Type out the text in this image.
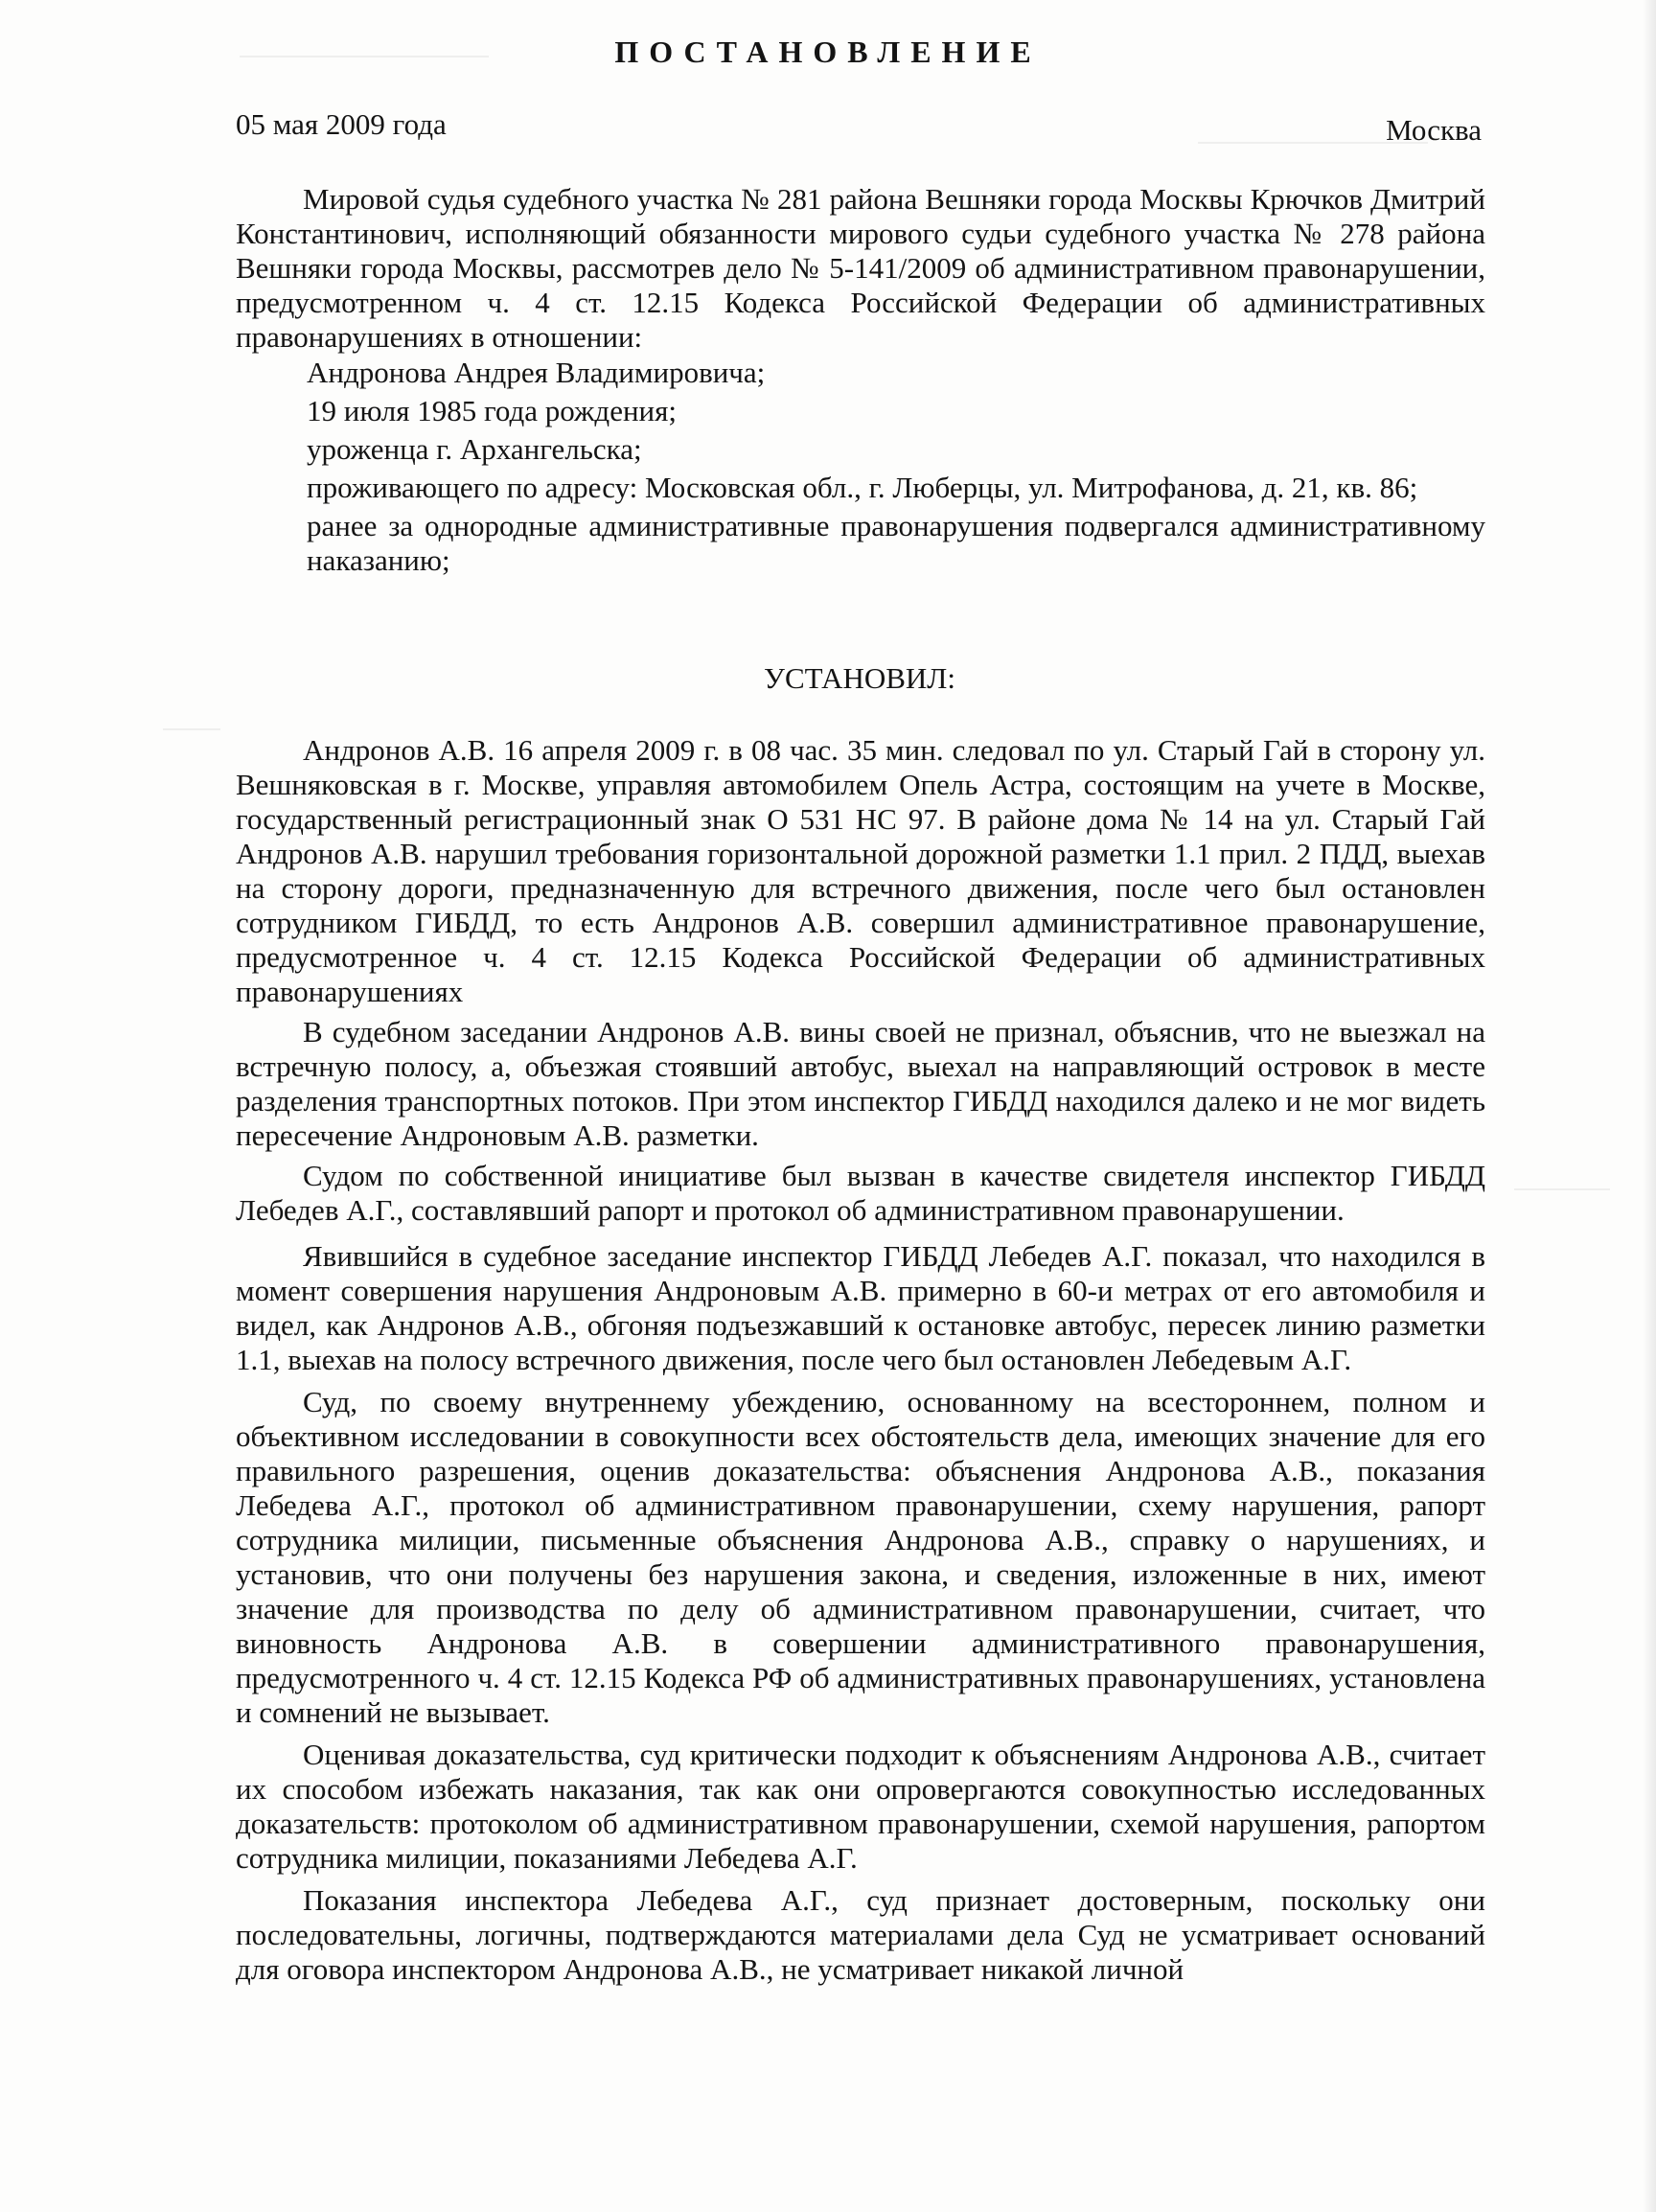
ПОСТАНОВЛЕНИЕ
05 мая 2009 года	Москва
Мировой судья судебного участка № 281 района Вешняки города Москвы Крючков Дмитрий Константинович, исполняющий обязанности мирового судьи судебного участка № 278 района Вешняки города Москвы, рассмотрев дело № 5-141/2009 об административном правонарушении, предусмотренном ч. 4 ст. 12.15 Кодекса Российской Федерации об административных правонарушениях в отношении:
Андронова Андрея Владимировича;
19 июля 1985 года рождения;
уроженца г. Архангельска;
проживающего по адресу: Московская обл., г. Люберцы, ул. Митрофанова, д. 21, кв. 86;
ранее за однородные административные правонарушения подвергался административному наказанию;
УСТАНОВИЛ:
Андронов А.В. 16 апреля 2009 г. в 08 час. 35 мин. следовал по ул. Старый Гай в сторону ул. Вешняковская в г. Москве, управляя автомобилем Опель Астра, состоящим на учете в Москве, государственный регистрационный знак О 531 НС 97. В районе дома № 14 на ул. Старый Гай Андронов А.В. нарушил требования горизонтальной дорожной разметки 1.1 прил. 2 ПДД, выехав на сторону дороги, предназначенную для встречного движения, после чего был остановлен сотрудником ГИБДД, то есть Андронов А.В. совершил административное правонарушение, предусмотренное ч. 4 ст. 12.15 Кодекса Российской Федерации об административных правонарушениях
В судебном заседании Андронов А.В. вины своей не признал, объяснив, что не выезжал на встречную полосу, а, объезжая стоявший автобус, выехал на направляющий островок в месте разделения транспортных потоков. При этом инспектор ГИБДД находился далеко и не мог видеть пересечение Андроновым А.В. разметки.
Судом по собственной инициативе был вызван в качестве свидетеля инспектор ГИБДД Лебедев А.Г., составлявший рапорт и протокол об административном правонарушении.
Явившийся в судебное заседание инспектор ГИБДД Лебедев А.Г. показал, что находился в момент совершения нарушения Андроновым А.В. примерно в 60-и метрах от его автомобиля и видел, как Андронов А.В., обгоняя подъезжавший к остановке автобус, пересек линию разметки 1.1, выехав на полосу встречного движения, после чего был остановлен Лебедевым А.Г.
Суд, по своему внутреннему убеждению, основанному на всестороннем, полном и объективном исследовании в совокупности всех обстоятельств дела, имеющих значение для его правильного разрешения, оценив доказательства: объяснения Андронова А.В., показания Лебедева А.Г., протокол об административном правонарушении, схему нарушения, рапорт сотрудника милиции, письменные объяснения Андронова А.В., справку о нарушениях, и установив, что они получены без нарушения закона, и сведения, изложенные в них, имеют значение для производства по делу об административном правонарушении, считает, что виновность Андронова А.В. в совершении административного правонарушения, предусмотренного ч. 4 ст. 12.15 Кодекса РФ об административных правонарушениях, установлена и сомнений не вызывает.
Оценивая доказательства, суд критически подходит к объяснениям Андронова А.В., считает их способом избежать наказания, так как они опровергаются совокупностью исследованных доказательств: протоколом об административном правонарушении, схемой нарушения, рапортом сотрудника милиции, показаниями Лебедева А.Г.
Показания инспектора Лебедева А.Г., суд признает достоверным, поскольку они последовательны, логичны, подтверждаются материалами дела Суд не усматривает оснований для оговора инспектором Андронова А.В., не усматривает никакой личной
